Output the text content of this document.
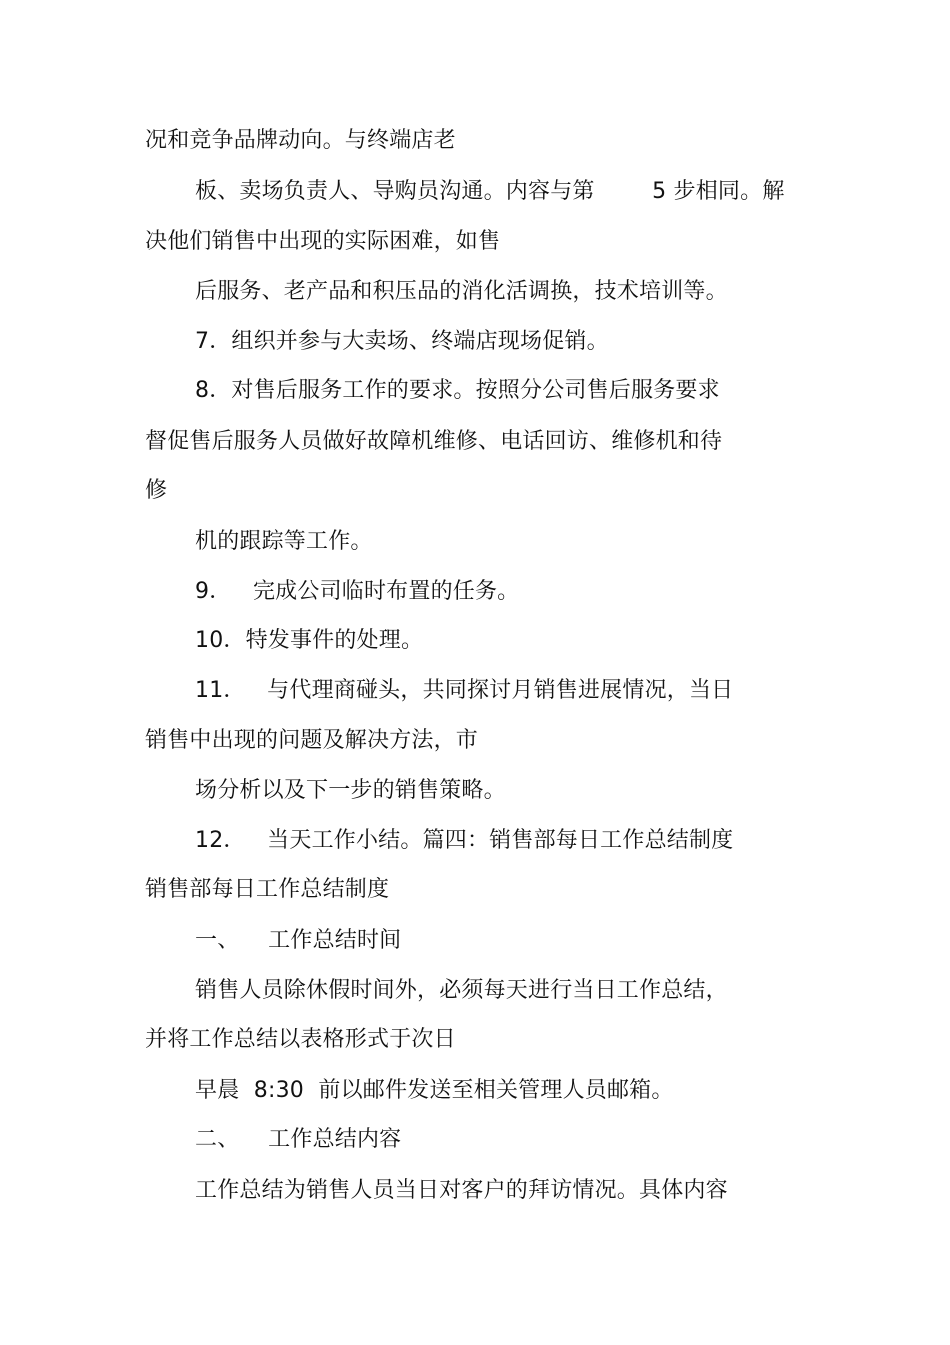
况和竞争品牌动向。与终端店老
板、卖场负责人、导购员沟通。内容与第        5 步相同。解
决他们销售中出现的实际困难，如售
后服务、老产品和积压品的消化活调换，技术培训等。
7．组织并参与大卖场、终端店现场促销。
8．对售后服务工作的要求。按照分公司售后服务要求
督促售后服务人员做好故障机维修、电话回访、维修机和待
修
机的跟踪等工作。
9．   完成公司临时布置的任务。
10．特发事件的处理。
11．   与代理商碰头，共同探讨月销售进展情况，当日
销售中出现的问题及解决方法，市
场分析以及下一步的销售策略。
12．   当天工作小结。篇四：销售部每日工作总结制度
销售部每日工作总结制度
一、    工作总结时间
销售人员除休假时间外，必须每天进行当日工作总结，
并将工作总结以表格形式于次日
早晨  8:30  前以邮件发送至相关管理人员邮箱。
二、    工作总结内容
工作总结为销售人员当日对客户的拜访情况。具体内容
